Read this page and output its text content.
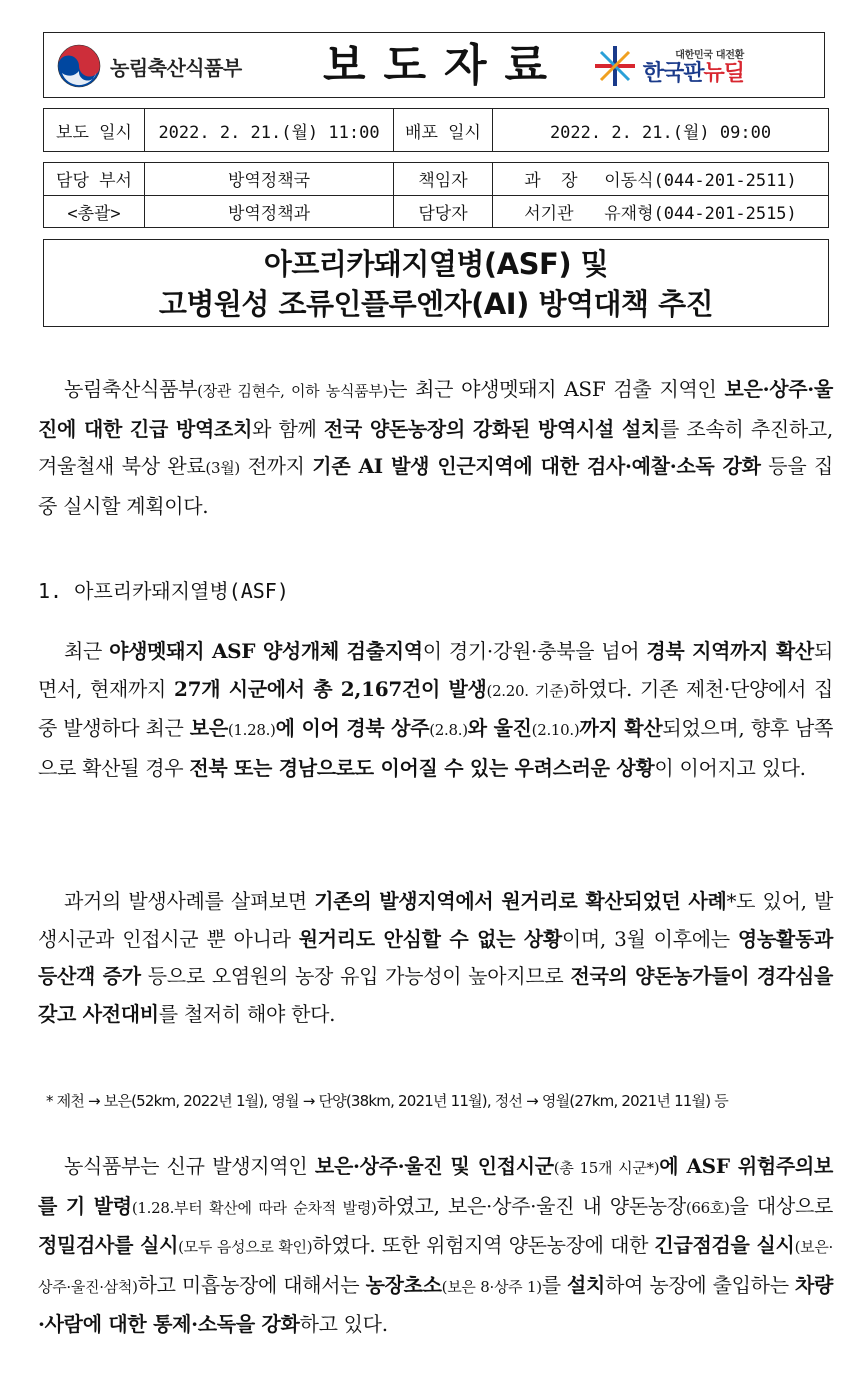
농림축산식품부 보도자료	대한민국 대전환
한국판뉴딜
보도 일시	2022. 2. 21.(월) 11:00	배포 일시	2022. 2. 21.(월) 09:00
담당 부서	방역정책국	책임자	과  장 이동식(044-201-2511)
<총괄>	방역정책과	담당자	서기관 유재형(044-201-2515)
아프리카돼지열병(ASF) 및
고병원성 조류인플루엔자(AI) 방역대책 추진
농림축산식품부(장관 김현수, 이하 농식품부)는 최근 야생멧돼지 ASF 검출 지역인 보은·상주·울진에 대한 긴급 방역조치와 함께 전국 양돈농장의 강화된 방역시설 설치를 조속히 추진하고, 겨울철새 북상 완료(3월) 전까지 기존 AI 발생 인근지역에 대한 검사·예찰·소독 강화 등을 집중 실시할 계획이다.
1. 아프리카돼지열병(ASF)
최근 야생멧돼지 ASF 양성개체 검출지역이 경기·강원·충북을 넘어 경북 지역까지 확산되면서, 현재까지 27개 시군에서 총 2,167건이 발생(2.20. 기준)하였다. 기존 제천·단양에서 집중 발생하다 최근 보은(1.28.)에 이어 경북 상주(2.8.)와 울진(2.10.)까지 확산되었으며, 향후 남쪽으로 확산될 경우 전북 또는 경남으로도 이어질 수 있는 우려스러운 상황이 이어지고 있다.
과거의 발생사례를 살펴보면 기존의 발생지역에서 원거리로 확산되었던 사례*도 있어, 발생시군과 인접시군 뿐 아니라 원거리도 안심할 수 없는 상황이며, 3월 이후에는 영농활동과 등산객 증가 등으로 오염원의 농장 유입 가능성이 높아지므로 전국의 양돈농가들이 경각심을 갖고 사전대비를 철저히 해야 한다.
* 제천 → 보은(52km, 2022년 1월), 영월 → 단양(38km, 2021년 11월), 정선 → 영월(27km, 2021년 11월) 등
농식품부는 신규 발생지역인 보은·상주·울진 및 인접시군(총 15개 시군*)에 ASF 위험주의보를 기 발령(1.28.부터 확산에 따라 순차적 발령)하였고, 보은·상주·울진 내 양돈농장(66호)을 대상으로 정밀검사를 실시(모두 음성으로 확인)하였다. 또한 위험지역 양돈농장에 대한 긴급점검을 실시(보은·상주·울진·삼척)하고 미흡농장에 대해서는 농장초소(보은 8·상주 1)를 설치하여 농장에 출입하는 차량·사람에 대한 통제·소독을 강화하고 있다.
